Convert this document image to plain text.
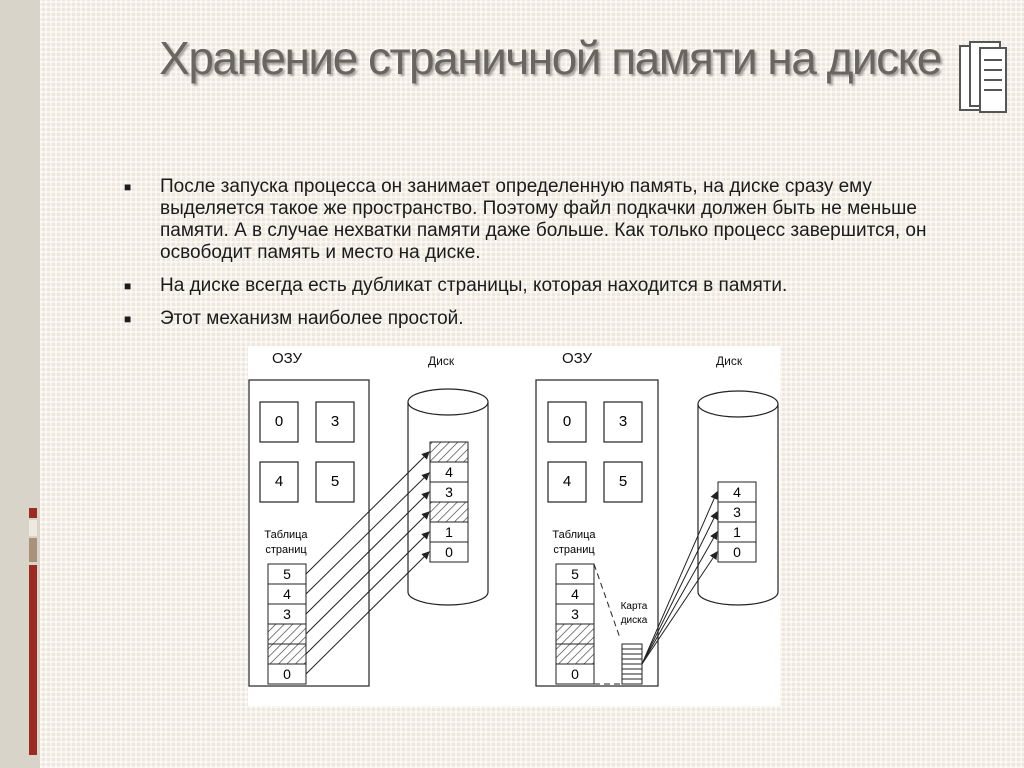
Хранение страничной памяти на диске
■ После запуска процесса он занимает определенную память, на диске сразу ему выделяется такое же пространство. Поэтому файл подкачки должен быть не меньше памяти. А в случае нехватки памяти даже больше. Как только процесс завершится, он освободит память и место на диске.
■ На диске всегда есть дубликат страницы, которая находится в памяти.
■ Этот механизм наиболее простой.
ОЗУ	Диск
0	3
4	5
Таблица
страниц
5
4
3
0
4
3
1
0
ОЗУ	Диск
0	3
4	5
Таблица
страниц
5
4
3
0
Карта
диска
4
3
1
0
